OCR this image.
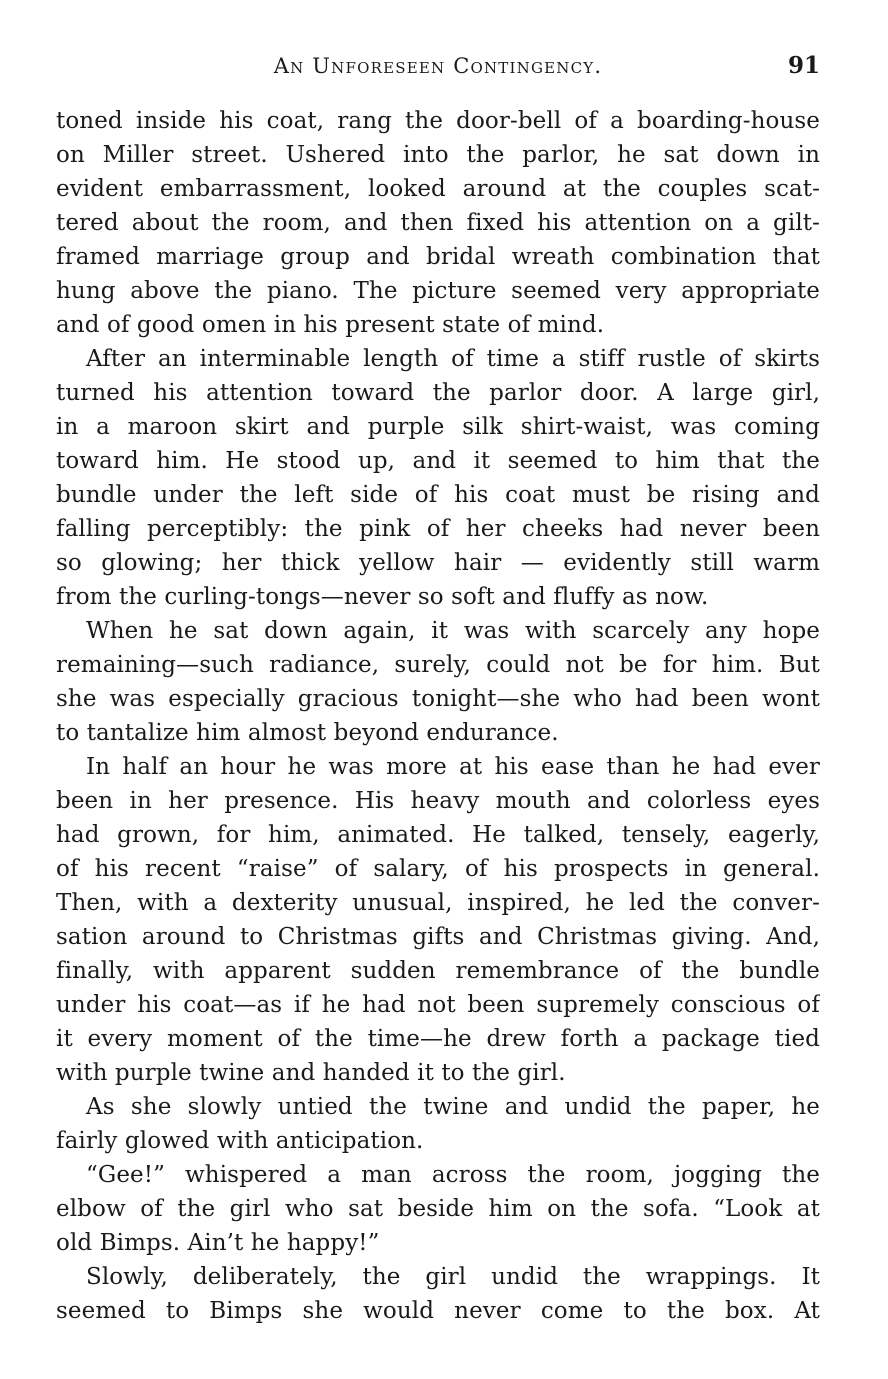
An Unforeseen Contingency.	91
toned inside his coat, rang the door-bell of a boarding-house
on Miller street. Ushered into the parlor, he sat down in
evident embarrassment, looked around at the couples scat-
tered about the room, and then fixed his attention on a gilt-
framed marriage group and bridal wreath combination that
hung above the piano. The picture seemed very appropriate
and of good omen in his present state of mind.
After an interminable length of time a stiff rustle of skirts
turned his attention toward the parlor door. A large girl,
in a maroon skirt and purple silk shirt-waist, was coming
toward him. He stood up, and it seemed to him that the
bundle under the left side of his coat must be rising and
falling perceptibly: the pink of her cheeks had never been
so glowing; her thick yellow hair — evidently still warm
from the curling-tongs—never so soft and fluffy as now.
When he sat down again, it was with scarcely any hope
remaining—such radiance, surely, could not be for him. But
she was especially gracious tonight—she who had been wont
to tantalize him almost beyond endurance.
In half an hour he was more at his ease than he had ever
been in her presence. His heavy mouth and colorless eyes
had grown, for him, animated. He talked, tensely, eagerly,
of his recent “raise” of salary, of his prospects in general.
Then, with a dexterity unusual, inspired, he led the conver-
sation around to Christmas gifts and Christmas giving. And,
finally, with apparent sudden remembrance of the bundle
under his coat—as if he had not been supremely conscious of
it every moment of the time—he drew forth a package tied
with purple twine and handed it to the girl.
As she slowly untied the twine and undid the paper, he
fairly glowed with anticipation.
“Gee!” whispered a man across the room, jogging the
elbow of the girl who sat beside him on the sofa. “Look at
old Bimps. Ain’t he happy!”
Slowly, deliberately, the girl undid the wrappings. It
seemed to Bimps she would never come to the box. At
